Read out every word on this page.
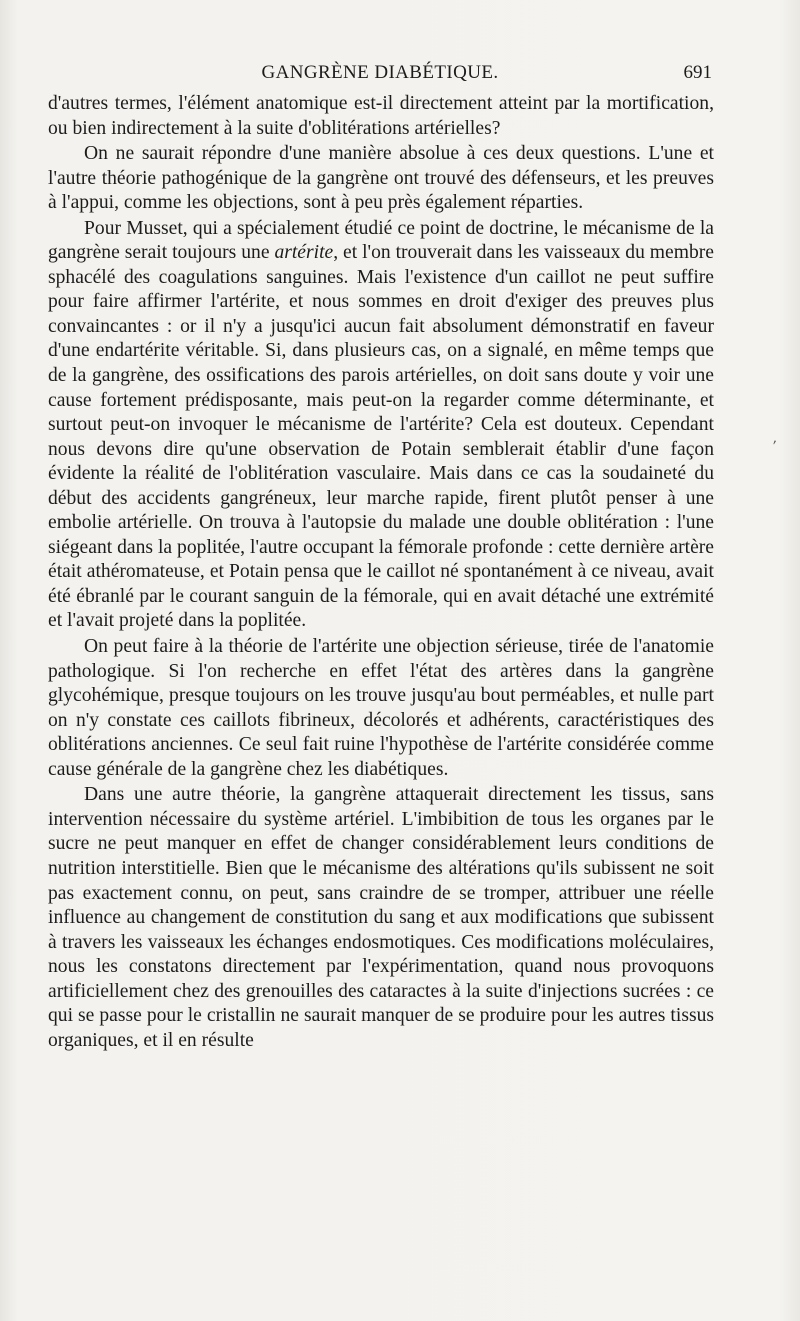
GANGRÈNE DIABÉTIQUE.	691

d'autres termes, l'élément anatomique est-il directement atteint par la mortification, ou bien indirectement à la suite d'oblitérations artérielles?

On ne saurait répondre d'une manière absolue à ces deux questions. L'une et l'autre théorie pathogénique de la gangrène ont trouvé des défenseurs, et les preuves à l'appui, comme les objections, sont à peu près également réparties.

Pour Musset, qui a spécialement étudié ce point de doctrine, le mécanisme de la gangrène serait toujours une artérite, et l'on trouverait dans les vaisseaux du membre sphacélé des coagulations sanguines. Mais l'existence d'un caillot ne peut suffire pour faire affirmer l'artérite, et nous sommes en droit d'exiger des preuves plus convaincantes : or il n'y a jusqu'ici aucun fait absolument démonstratif en faveur d'une endartérite véritable. Si, dans plusieurs cas, on a signalé, en même temps que de la gangrène, des ossifications des parois artérielles, on doit sans doute y voir une cause fortement prédisposante, mais peut-on la regarder comme déterminante, et surtout peut-on invoquer le mécanisme de l'artérite? Cela est douteux. Cependant nous devons dire qu'une observation de Potain semblerait établir d'une façon évidente la réalité de l'oblitération vasculaire. Mais dans ce cas la soudaineté du début des accidents gangréneux, leur marche rapide, firent plutôt penser à une embolie artérielle. On trouva à l'autopsie du malade une double oblitération : l'une siégeant dans la poplitée, l'autre occupant la fémorale profonde : cette dernière artère était athéromateuse, et Potain pensa que le caillot né spontanément à ce niveau, avait été ébranlé par le courant sanguin de la fémorale, qui en avait détaché une extrémité et l'avait projeté dans la poplitée.

On peut faire à la théorie de l'artérite une objection sérieuse, tirée de l'anatomie pathologique. Si l'on recherche en effet l'état des artères dans la gangrène glycohémique, presque toujours on les trouve jusqu'au bout perméables, et nulle part on n'y constate ces caillots fibrineux, décolorés et adhérents, caractéristiques des oblitérations anciennes. Ce seul fait ruine l'hypothèse de l'artérite considérée comme cause générale de la gangrène chez les diabétiques.

Dans une autre théorie, la gangrène attaquerait directement les tissus, sans intervention nécessaire du système artériel. L'imbibition de tous les organes par le sucre ne peut manquer en effet de changer considérablement leurs conditions de nutrition interstitielle. Bien que le mécanisme des altérations qu'ils subissent ne soit pas exactement connu, on peut, sans craindre de se tromper, attribuer une réelle influence au changement de constitution du sang et aux modifications que subissent à travers les vaisseaux les échanges endosmotiques. Ces modifications moléculaires, nous les constatons directement par l'expérimentation, quand nous provoquons artificiellement chez des grenouilles des cataractes à la suite d'injections sucrées : ce qui se passe pour le cristallin ne saurait manquer de se produire pour les autres tissus organiques, et il en résulte

′
